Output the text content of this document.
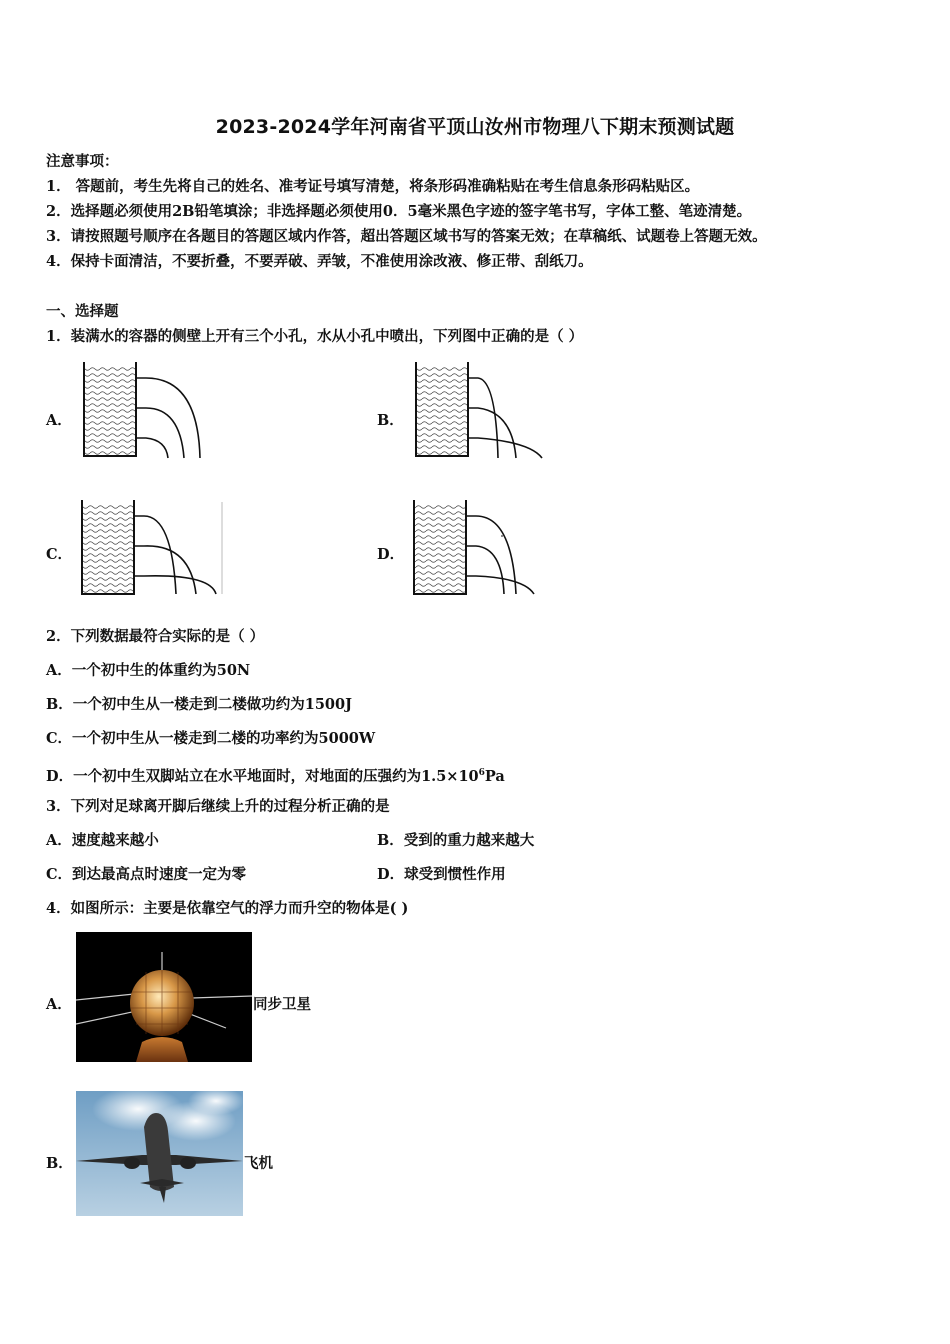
2023-2024学年河南省平顶山汝州市物理八下期末预测试题
注意事项：
1． 答题前，考生先将自己的姓名、准考证号填写清楚，将条形码准确粘贴在考生信息条形码粘贴区。
2．选择题必须使用2B铅笔填涂；非选择题必须使用0．5毫米黑色字迹的签字笔书写，字体工整、笔迹清楚。
3．请按照题号顺序在各题目的答题区域内作答，超出答题区域书写的答案无效；在草稿纸、试题卷上答题无效。
4．保持卡面清洁，不要折叠，不要弄破、弄皱，不准使用涂改液、修正带、刮纸刀。
一、选择题
1．装满水的容器的侧壁上开有三个小孔，水从小孔中喷出，下列图中正确的是（ ）
A．	B．
C．	D．
2．下列数据最符合实际的是（ ）
A．一个初中生的体重约为50N
B．一个初中生从一楼走到二楼做功约为1500J
C．一个初中生从一楼走到二楼的功率约为5000W
D．一个初中生双脚站立在水平地面时，对地面的压强约为$1.5\times 10^6Pa$
3．下列对足球离开脚后继续上升的过程分析正确的是
A．速度越来越小	B．受到的重力越来越大
C．到达最高点时速度一定为零	D．球受到惯性作用
4．如图所示：主要是依靠空气的浮力而升空的物体是( )
A．	同步卫星
B．	飞机
